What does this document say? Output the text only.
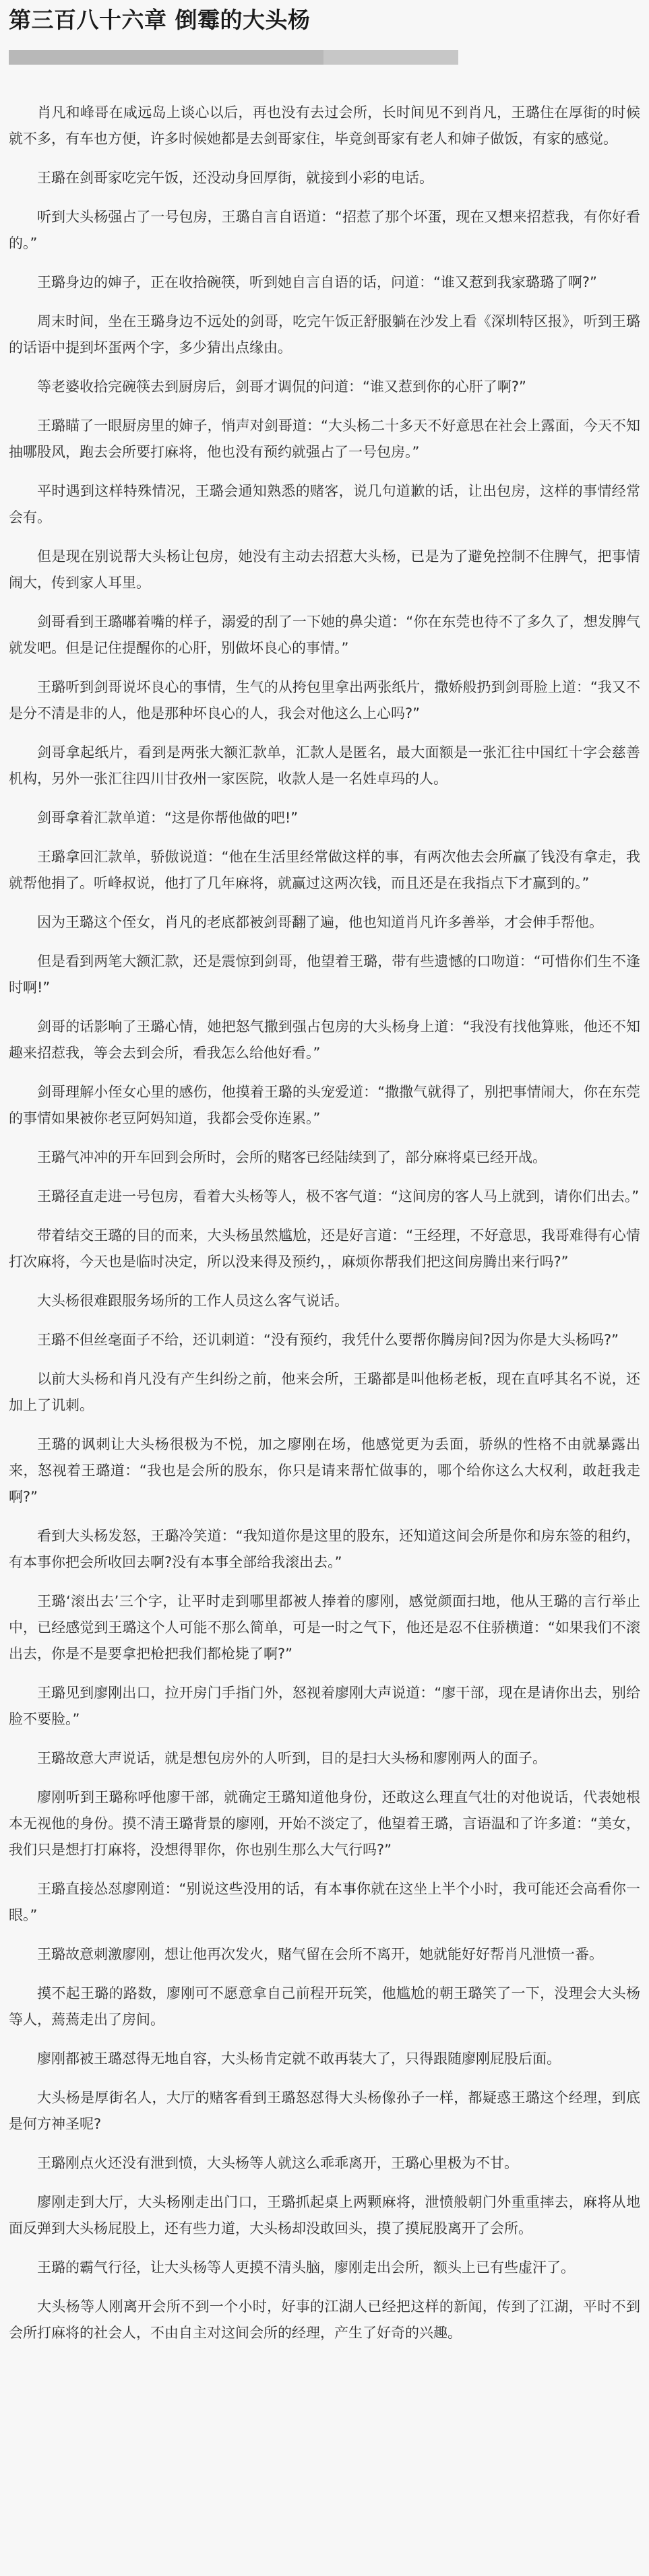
第三百八十六章 倒霉的大头杨

肖凡和峰哥在咸远岛上谈心以后，再也没有去过会所，长时间见不到肖凡，王璐住在厚街的时候就不多，有车也方便，许多时候她都是去剑哥家住，毕竟剑哥家有老人和婶子做饭，有家的感觉。

王璐在剑哥家吃完午饭，还没动身回厚街，就接到小彩的电话。

听到大头杨强占了一号包房，王璐自言自语道：“招惹了那个坏蛋，现在又想来招惹我，有你好看的。”

王璐身边的婶子，正在收拾碗筷，听到她自言自语的话，问道：“谁又惹到我家璐璐了啊?”

周末时间，坐在王璐身边不远处的剑哥，吃完午饭正舒服躺在沙发上看《深圳特区报》，听到王璐的话语中提到坏蛋两个字，多少猜出点缘由。

等老婆收拾完碗筷去到厨房后，剑哥才调侃的问道：“谁又惹到你的心肝了啊?”

王璐瞄了一眼厨房里的婶子，悄声对剑哥道：“大头杨二十多天不好意思在社会上露面，今天不知抽哪股风，跑去会所要打麻将，他也没有预约就强占了一号包房。”

平时遇到这样特殊情况，王璐会通知熟悉的赌客，说几句道歉的话，让出包房，这样的事情经常会有。

但是现在别说帮大头杨让包房，她没有主动去招惹大头杨，已是为了避免控制不住脾气，把事情闹大，传到家人耳里。

剑哥看到王璐嘟着嘴的样子，溺爱的刮了一下她的鼻尖道：“你在东莞也待不了多久了，想发脾气就发吧。但是记住提醒你的心肝，别做坏良心的事情。”

王璐听到剑哥说坏良心的事情，生气的从挎包里拿出两张纸片，撒娇般扔到剑哥脸上道：“我又不是分不清是非的人，他是那种坏良心的人，我会对他这么上心吗?”

剑哥拿起纸片，看到是两张大额汇款单，汇款人是匿名，最大面额是一张汇往中国红十字会慈善机构，另外一张汇往四川甘孜州一家医院，收款人是一名姓卓玛的人。

剑哥拿着汇款单道：“这是你帮他做的吧!”

王璐拿回汇款单，骄傲说道：“他在生活里经常做这样的事，有两次他去会所赢了钱没有拿走，我就帮他捐了。听峰叔说，他打了几年麻将，就赢过这两次钱，而且还是在我指点下才赢到的。”

因为王璐这个侄女，肖凡的老底都被剑哥翻了遍，他也知道肖凡许多善举，才会伸手帮他。

但是看到两笔大额汇款，还是震惊到剑哥，他望着王璐，带有些遗憾的口吻道：“可惜你们生不逢时啊!”

剑哥的话影响了王璐心情，她把怒气撒到强占包房的大头杨身上道：“我没有找他算账，他还不知趣来招惹我，等会去到会所，看我怎么给他好看。”

剑哥理解小侄女心里的感伤，他摸着王璐的头宠爱道：“撒撒气就得了，别把事情闹大，你在东莞的事情如果被你老豆阿妈知道，我都会受你连累。”

王璐气冲冲的开车回到会所时，会所的赌客已经陆续到了，部分麻将桌已经开战。

王璐径直走进一号包房，看着大头杨等人，极不客气道：“这间房的客人马上就到，请你们出去。”

带着结交王璐的目的而来，大头杨虽然尴尬，还是好言道：“王经理，不好意思，我哥难得有心情打次麻将，今天也是临时决定，所以没来得及预约，，麻烦你帮我们把这间房腾出来行吗?”

大头杨很难跟服务场所的工作人员这么客气说话。

王璐不但丝毫面子不给，还讥刺道：“没有预约，我凭什么要帮你腾房间?因为你是大头杨吗?”

以前大头杨和肖凡没有产生纠纷之前，他来会所，王璐都是叫他杨老板，现在直呼其名不说，还加上了讥刺。

王璐的讽刺让大头杨很极为不悦，加之廖刚在场，他感觉更为丢面，骄纵的性格不由就暴露出来，怒视着王璐道：“我也是会所的股东，你只是请来帮忙做事的，哪个给你这么大权利，敢赶我走啊?”

看到大头杨发怒，王璐冷笑道：“我知道你是这里的股东，还知道这间会所是你和房东签的租约，有本事你把会所收回去啊?没有本事全部给我滚出去。”

王璐‘滚出去’三个字，让平时走到哪里都被人捧着的廖刚，感觉颜面扫地，他从王璐的言行举止中，已经感觉到王璐这个人可能不那么简单，可是一时之气下，他还是忍不住骄横道：“如果我们不滚出去，你是不是要拿把枪把我们都枪毙了啊?”

王璐见到廖刚出口，拉开房门手指门外，怒视着廖刚大声说道：“廖干部，现在是请你出去，别给脸不要脸。”

王璐故意大声说话，就是想包房外的人听到，目的是扫大头杨和廖刚两人的面子。

廖刚听到王璐称呼他廖干部，就确定王璐知道他身份，还敢这么理直气壮的对他说话，代表她根本无视他的身份。摸不清王璐背景的廖刚，开始不淡定了，他望着王璐，言语温和了许多道：“美女，我们只是想打打麻将，没想得罪你，你也别生那么大气行吗?”

王璐直接怂怼廖刚道：“别说这些没用的话，有本事你就在这坐上半个小时，我可能还会高看你一眼。”

王璐故意刺激廖刚，想让他再次发火，赌气留在会所不离开，她就能好好帮肖凡泄愤一番。

摸不起王璐的路数，廖刚可不愿意拿自己前程开玩笑，他尴尬的朝王璐笑了一下，没理会大头杨等人，蔫蔫走出了房间。

廖刚都被王璐怼得无地自容，大头杨肯定就不敢再装大了，只得跟随廖刚屁股后面。

大头杨是厚街名人，大厅的赌客看到王璐怒怼得大头杨像孙子一样，都疑惑王璐这个经理，到底是何方神圣呢?

王璐刚点火还没有泄到愤，大头杨等人就这么乖乖离开，王璐心里极为不甘。

廖刚走到大厅，大头杨刚走出门口，王璐抓起桌上两颗麻将，泄愤般朝门外重重摔去，麻将从地面反弹到大头杨屁股上，还有些力道，大头杨却没敢回头，摸了摸屁股离开了会所。

王璐的霸气行径，让大头杨等人更摸不清头脑，廖刚走出会所，额头上已有些虚汗了。

大头杨等人刚离开会所不到一个小时，好事的江湖人已经把这样的新闻，传到了江湖，平时不到会所打麻将的社会人，不由自主对这间会所的经理，产生了好奇的兴趣。
